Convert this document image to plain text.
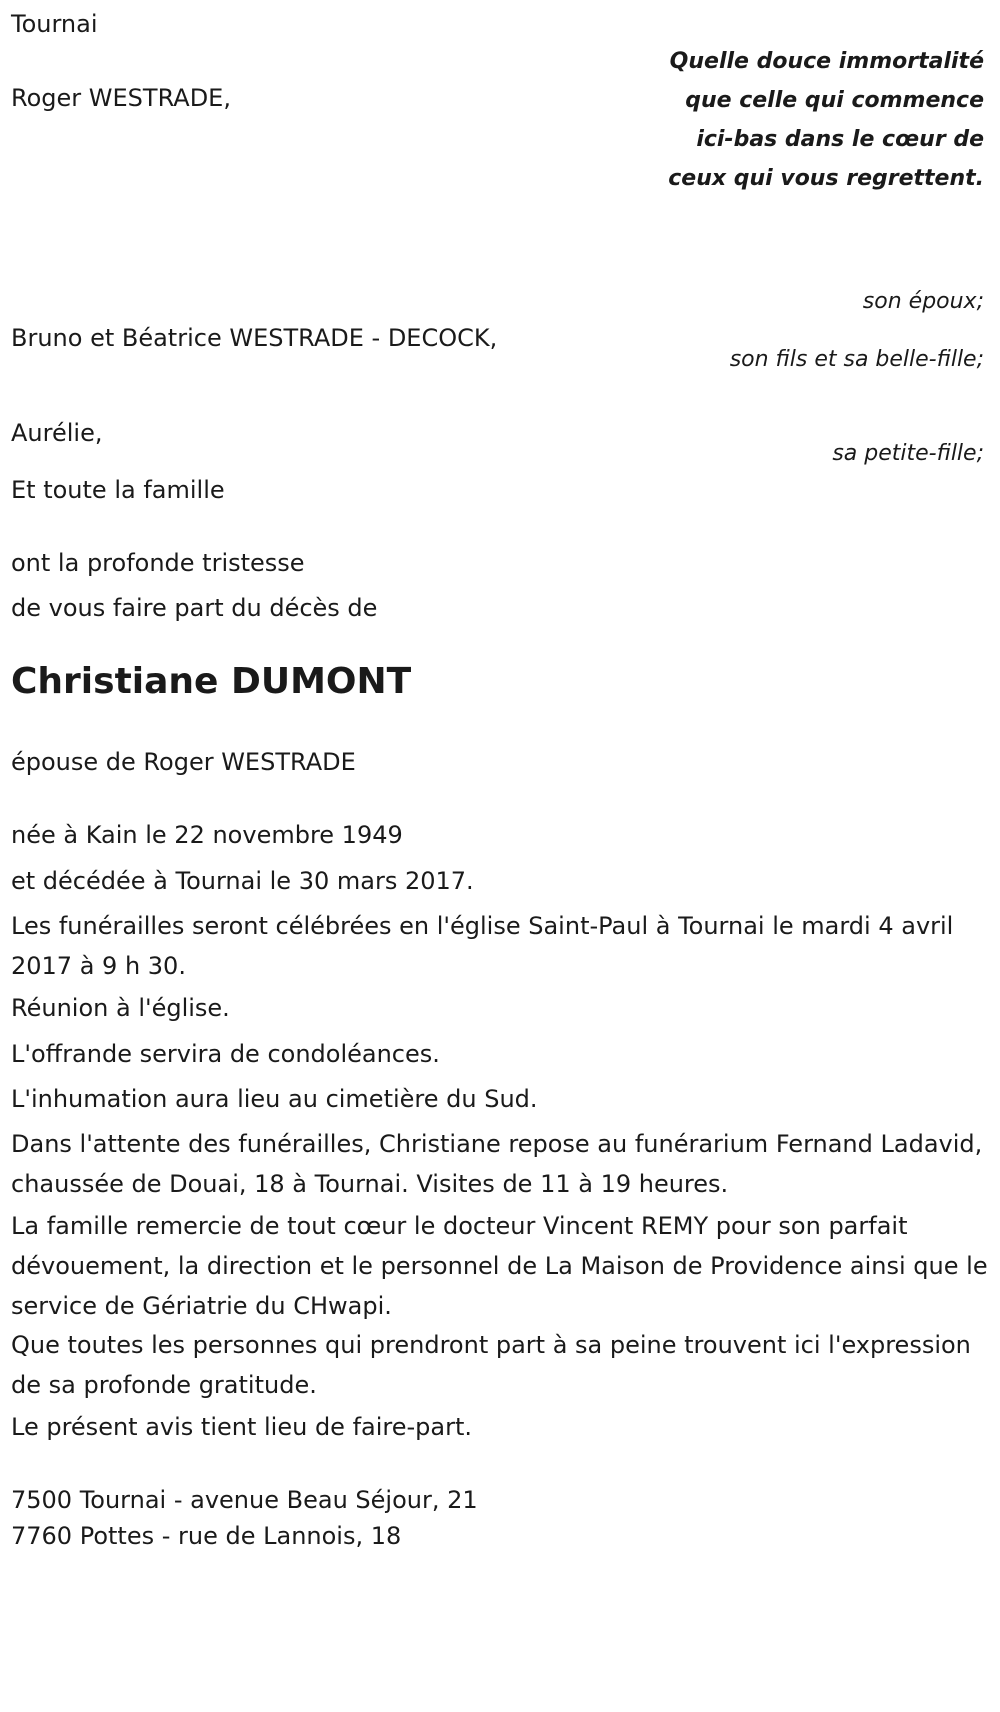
Tournai

Quelle douce immortalité que celle qui commence ici-bas dans le cœur de ceux qui vous regrettent.

Roger WESTRADE,

son époux;

Bruno et Béatrice WESTRADE - DECOCK,

son fils et sa belle-fille;

Aurélie,

sa petite-fille;

Et toute la famille

ont la profonde tristesse

de vous faire part du décès de

Christiane DUMONT

épouse de Roger WESTRADE

née à Kain le 22 novembre 1949

et décédée à Tournai le 30 mars 2017.

Les funérailles seront célébrées en l'église Saint-Paul à Tournai le mardi 4 avril 2017 à 9 h 30.

Réunion à l'église.

L'offrande servira de condoléances.

L'inhumation aura lieu au cimetière du Sud.

Dans l'attente des funérailles, Christiane repose au funérarium Fernand Ladavid, chaussée de Douai, 18 à Tournai. Visites de 11 à 19 heures.

La famille remercie de tout cœur le docteur Vincent REMY pour son parfait dévouement, la direction et le personnel de La Maison de Providence ainsi que le service de Gériatrie du CHwapi.

Que toutes les personnes qui prendront part à sa peine trouvent ici l'expression de sa profonde gratitude.

Le présent avis tient lieu de faire-part.

7500 Tournai - avenue Beau Séjour, 21

7760 Pottes - rue de Lannois, 18
